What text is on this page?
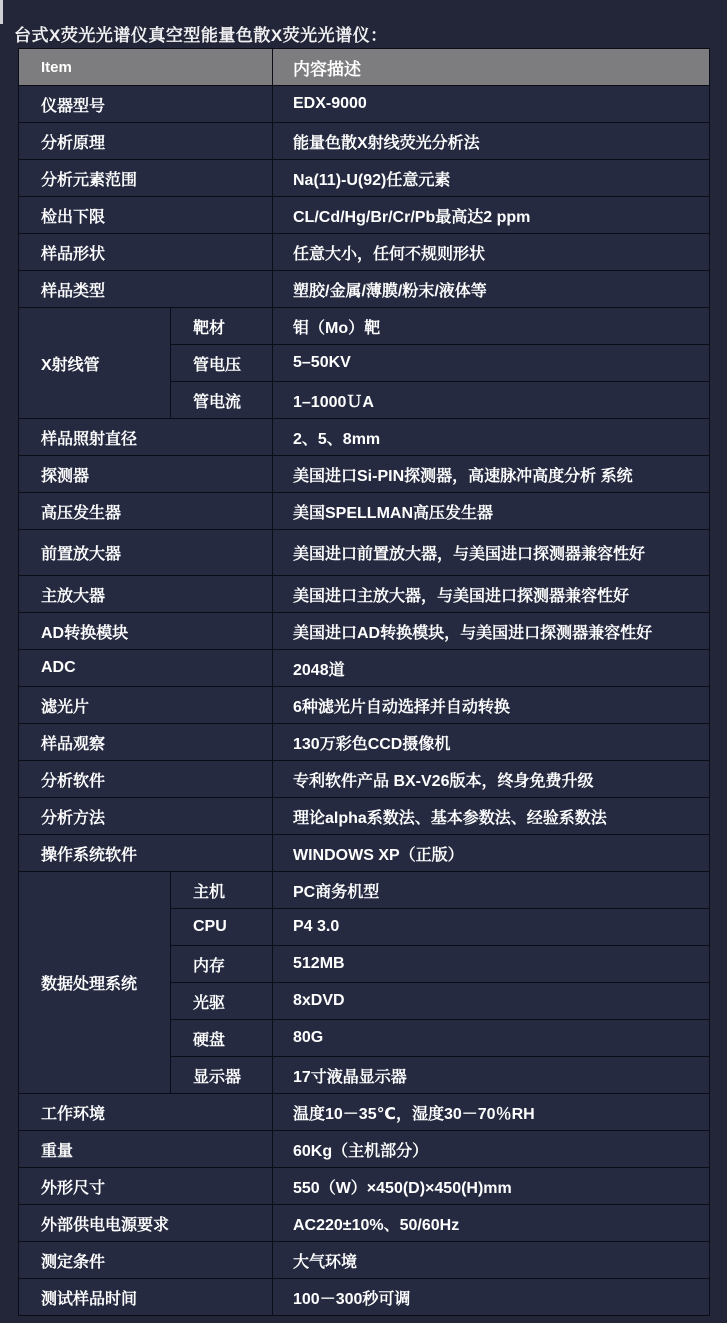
台式X荧光光谱仪真空型能量色散X荧光光谱仪：
Item		内容描述
仪器型号		EDX-9000
分析原理		能量色散X射线荧光分析法
分析元素范围		Na(11)-U(92)任意元素
检出下限		CL/Cd/Hg/Br/Cr/Pb最高达2 ppm
样品形状		任意大小，任何不规则形状
样品类型		塑胶/金属/薄膜/粉末/液体等
X射线管	靶材	钼（Mo）靶
	管电压	5–50KV
	管电流	1–1000ＵA
样品照射直径		2、5、8mm
探测器		美国进口Si-PIN探测器，高速脉冲高度分析 系统
高压发生器		美国SPELLMAN高压发生器
前置放大器		美国进口前置放大器，与美国进口探测器兼容性好
主放大器		美国进口主放大器，与美国进口探测器兼容性好
AD转换模块		美国进口AD转换模块，与美国进口探测器兼容性好
ADC		2048道
滤光片		6种滤光片自动选择并自动转换
样品观察		130万彩色CCD摄像机
分析软件		专利软件产品 BX-V26版本，终身免费升级
分析方法		理论alpha系数法、基本参数法、经验系数法
操作系统软件		WINDOWS XP（正版）
数据处理系统	主机	PC商务机型
	CPU	P4 3.0
	内存	512MB
	光驱	8xDVD
	硬盘	80G
	显示器	17寸液晶显示器
工作环境		温度10－35℃，湿度30－70％RH
重量		60Kg（主机部分）
外形尺寸		550（W）×450(D)×450(H)mm
外部供电电源要求		AC220±10%、50/60Hz
测定条件		大气环境
测试样品时间		100－300秒可调
